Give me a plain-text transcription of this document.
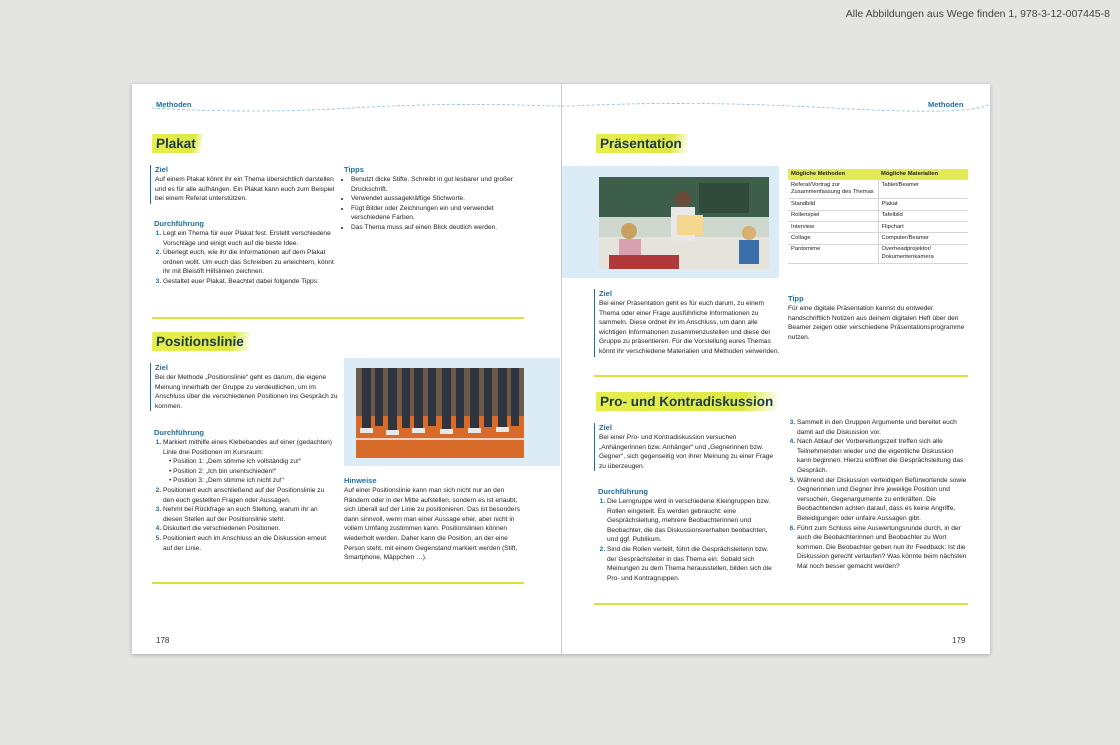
Alle Abbildungen aus Wege finden 1, 978-3-12-007445-8
Methoden
Plakat
Ziel
Auf einem Plakat könnt ihr ein Thema übersichtlich darstellen und es für alle aufhängen. Ein Plakat kann euch zum Beispiel bei einem Referat unterstützen.
Durchführung
1. Legt ein Thema für euer Plakat fest. Erstellt verschiedene Vorschläge und einigt euch auf die beste Idee.
2. Überlegt euch, wie ihr die Informationen auf dem Plakat ordnen wollt. Um euch das Schreiben zu erleichtern, könnt ihr mit Bleistift Hilfslinien zeichnen.
3. Gestaltet euer Plakat. Beachtet dabei folgende Tipps:
Tipps
• Benutzt dicke Stifte. Schreibt in gut lesbarer und großer Druckschrift.
• Verwendet aussagekräftige Stichworte.
• Fügt Bilder oder Zeichnungen ein und verwendet verschiedene Farben.
• Das Thema muss auf einen Blick deutlich werden.
Positionslinie
Ziel
Bei der Methode „Positionslinie“ geht es darum, die eigene Meinung innerhalb der Gruppe zu verdeutlichen, um im Anschluss über die verschiedenen Positionen ins Gespräch zu kommen.
Durchführung
1. Markiert mithilfe eines Klebebandes auf einer (gedachten) Linie drei Positionen im Kursraum:
• Position 1: „Dem stimme ich vollständig zu!“
• Position 2: „Ich bin unentschieden!“
• Position 3: „Dem stimme ich nicht zu!“
2. Positioniert euch anschließend auf der Positionslinie zu den euch gestellten Fragen oder Aussagen.
3. Nehmt bei Rückfrage an euch Stellung, warum ihr an diesen Stellen auf der Positionslinie steht.
4. Diskutiert die verschiedenen Positionen.
5. Positioniert euch im Anschluss an die Diskussion erneut auf der Linie.
Hinweise
Auf einer Positionslinie kann man sich nicht nur an den Rändern oder in der Mitte aufstellen, sondern es ist erlaubt, sich überall auf der Linie zu positionieren. Das ist besonders dann sinnvoll, wenn man einer Aussage eher, aber nicht in vollem Umfang zustimmen kann. Positionslinien können wiederholt werden. Daher kann die Position, an der eine Person steht, mit einem Gegenstand markiert werden (Stift, Smartphone, Mäppchen …).
178
Methoden
Präsentation
Mögliche Methoden	Mögliche Materialien
Referat/Vortrag zur Zusammenfassung des Themas	Tablet/Beamer
Standbild	Plakat
Rollenspiel	Tafelbild
Interview	Flipchart
Collage	Computer/Beamer
Pantomime	Overheadprojektor/ Dokumentenkamera
Ziel
Bei einer Präsentation geht es für euch darum, zu einem Thema oder einer Frage ausführliche Informationen zu sammeln. Diese ordnet ihr im Anschluss, um dann alle wichtigen Informationen zusammenzustellen und diese der Gruppe zu präsentieren. Für die Vorstellung eures Themas könnt ihr verschiedene Materialien und Methoden verwenden.
Tipp
Für eine digitale Präsentation kannst du entweder handschriftlich Notizen aus deinem digitalen Heft über den Beamer zeigen oder verschiedene Präsentationsprogramme nutzen.
Pro- und Kontradiskussion
Ziel
Bei einer Pro- und Kontradiskussion versuchen „Anhängerinnen bzw. Anhänger“ und „Gegnerinnen bzw. Gegner“, sich gegenseitig von ihrer Meinung zu einer Frage zu überzeugen.
Durchführung
1. Die Lerngruppe wird in verschiedene Kleingruppen bzw. Rollen eingeteilt. Es werden gebraucht: eine Gesprächsleitung, mehrere Beobachterinnen und Beobachter, die das Diskussionsverhalten beobachten, und ggf. Publikum.
2. Sind die Rollen verteilt, führt die Gesprächsleiterin bzw. der Gesprächsleiter in das Thema ein. Sobald sich Meinungen zu dem Thema herausstellen, bilden sich die Pro- und Kontragruppen.
3. Sammelt in den Gruppen Argumente und bereitet euch damit auf die Diskussion vor.
4. Nach Ablauf der Vorbereitungszeit treffen sich alle Teilnehmenden wieder und die eigentliche Diskussion kann beginnen. Hierzu eröffnet die Gesprächsleitung das Gespräch.
5. Während der Diskussion verteidigen Befürwortende sowie Gegnerinnen und Gegner ihre jeweilige Position und versuchen, Gegenargumente zu entkräften. Die Beobachtenden achten darauf, dass es keine Angriffe, Beleidigungen oder unfaire Aussagen gibt.
6. Führt zum Schluss eine Auswertungsrunde durch, in der auch die Beobachterinnen und Beobachter zu Wort kommen. Die Beobachter geben nun ihr Feedback: Ist die Diskussion gerecht verlaufen? Was könnte beim nächsten Mal noch besser gemacht werden?
179
